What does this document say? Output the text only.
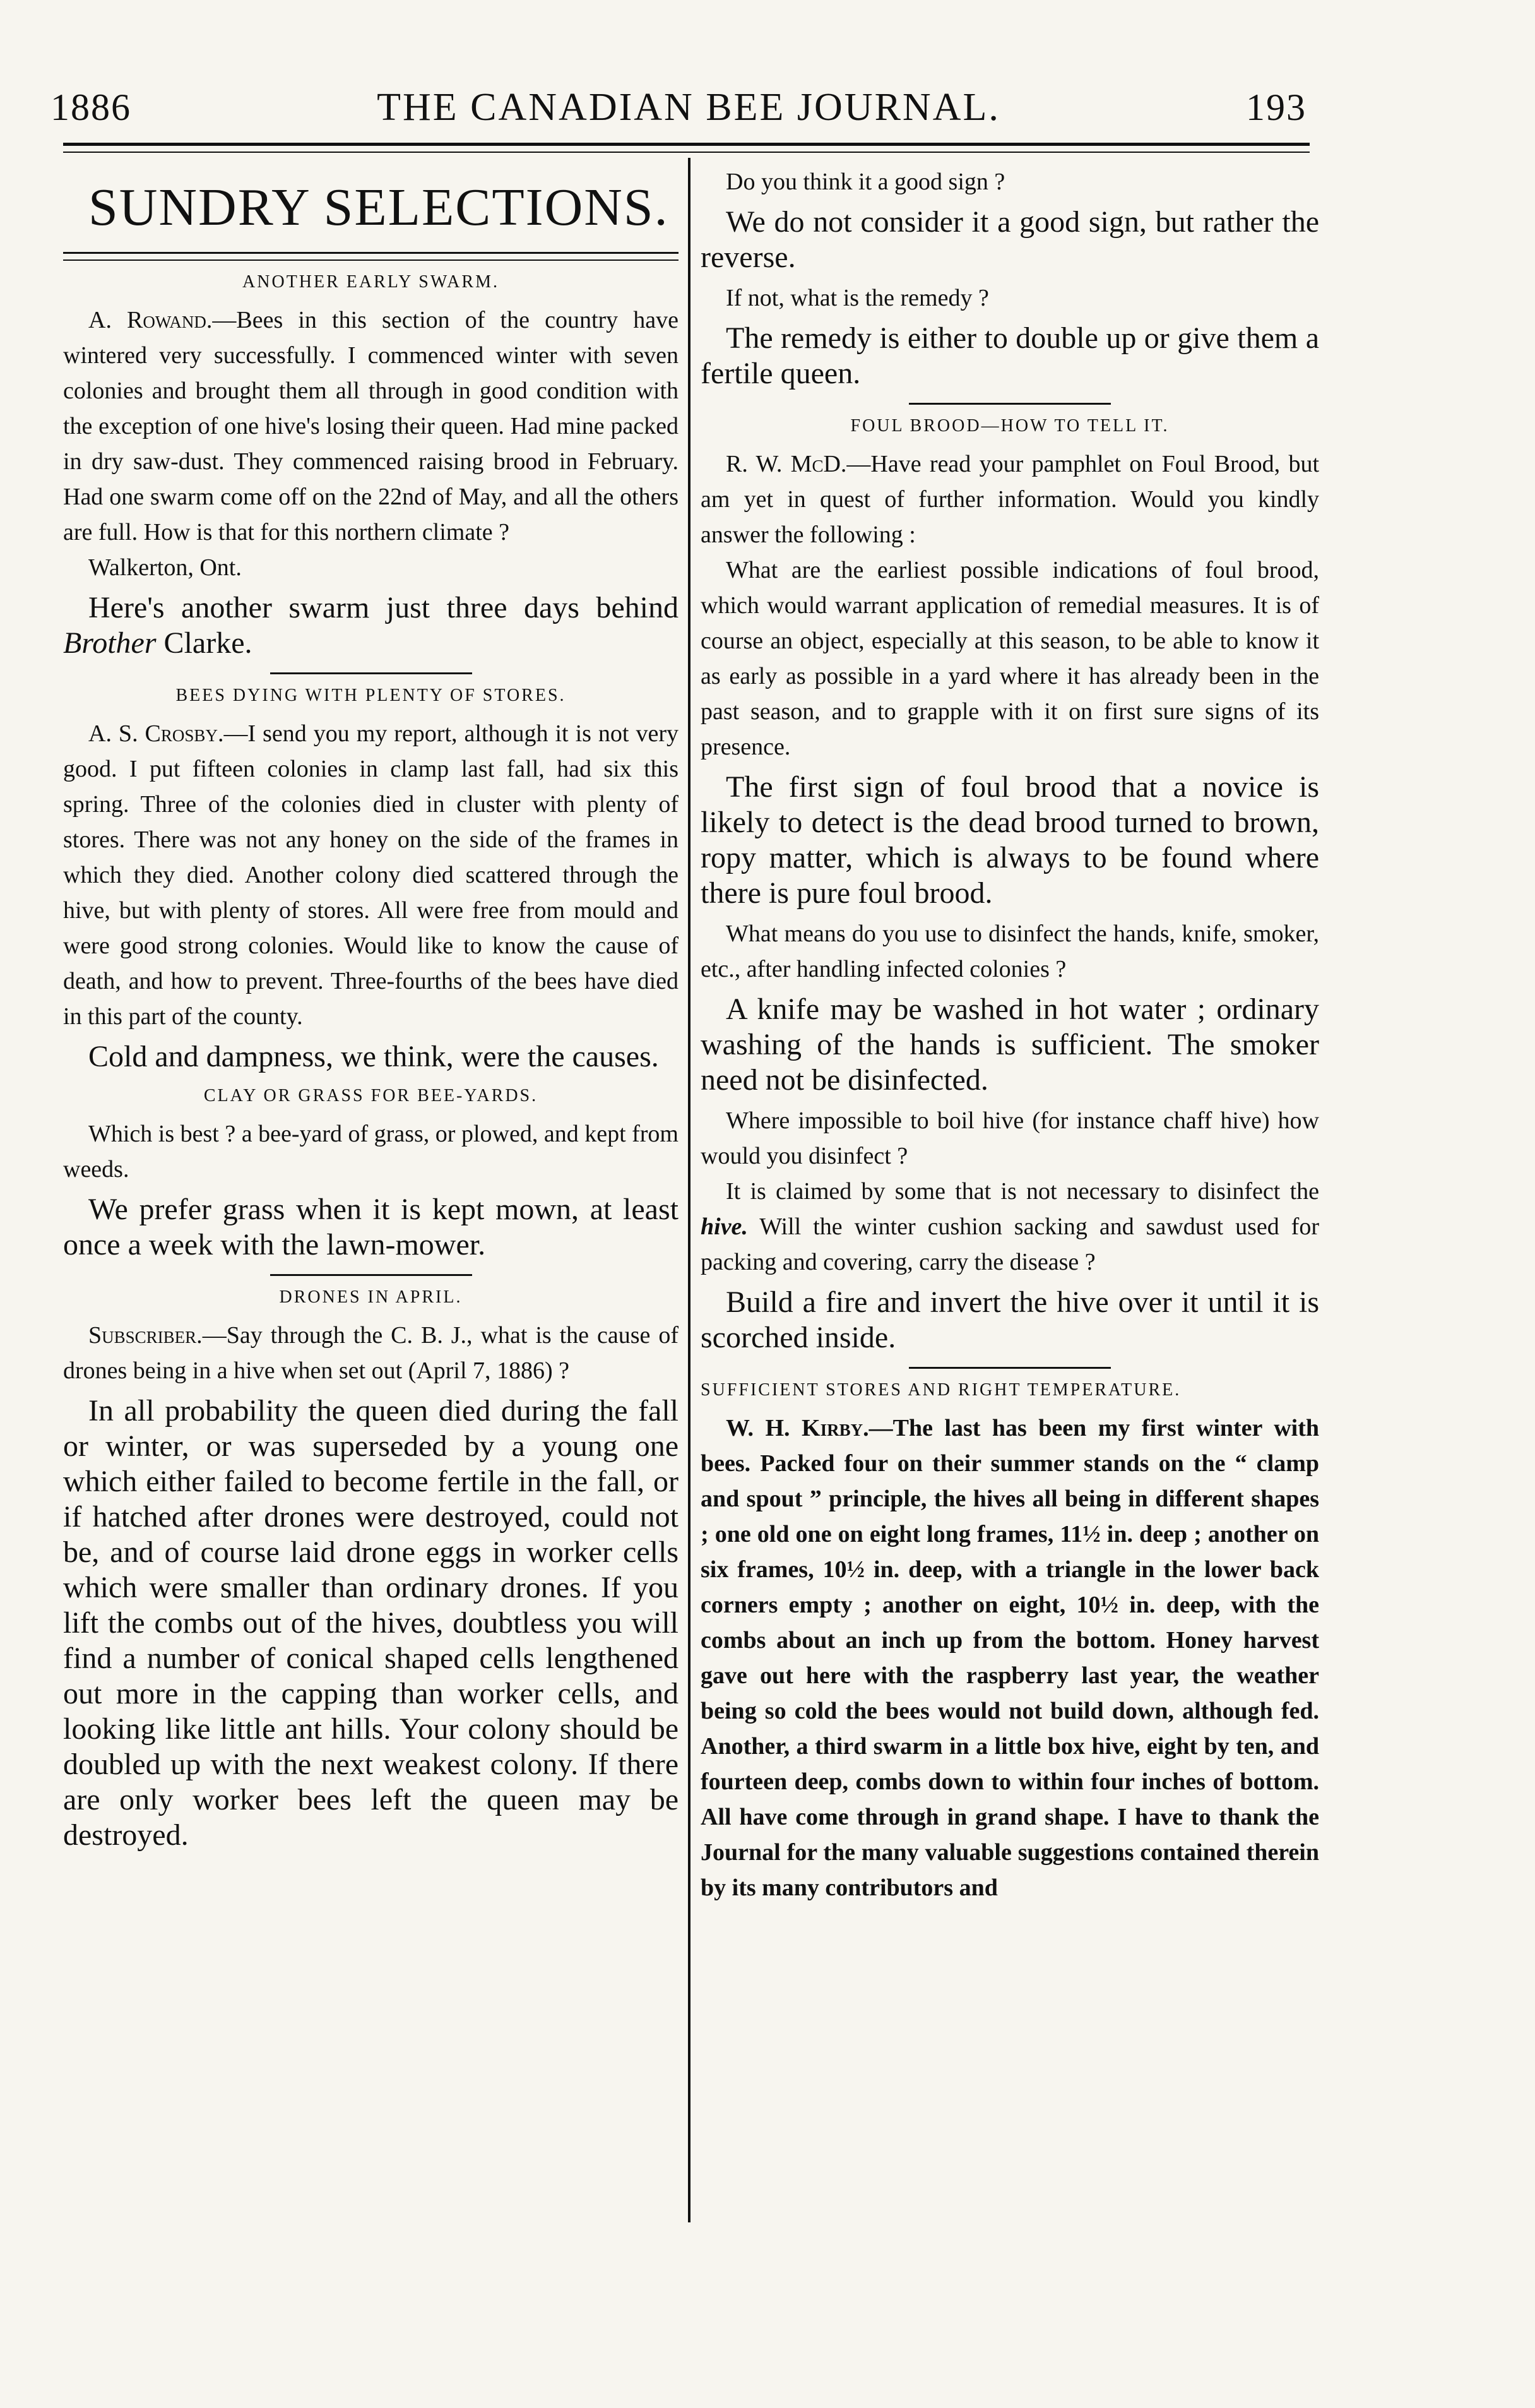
1886	THE CANADIAN BEE JOURNAL.	193
SUNDRY SELECTIONS.
ANOTHER EARLY SWARM.

A. Rowand.—Bees in this section of the country have wintered very successfully. I commenced winter with seven colonies and brought them all through in good condition with the exception of one hive's losing their queen. Had mine packed in dry saw-dust. They commenced raising brood in February. Had one swarm come off on the 22nd of May, and all the others are full. How is that for this northern climate ?

Walkerton, Ont.

Here's another swarm just three days behind Brother Clarke.

BEES DYING WITH PLENTY OF STORES.

A. S. Crosby.—I send you my report, although it is not very good. I put fifteen colonies in clamp last fall, had six this spring. Three of the colonies died in cluster with plenty of stores. There was not any honey on the side of the frames in which they died. Another colony died scattered through the hive, but with plenty of stores. All were free from mould and were good strong colonies. Would like to know the cause of death, and how to prevent. Three-fourths of the bees have died in this part of the county.

Cold and dampness, we think, were the causes.

CLAY OR GRASS FOR BEE-YARDS.

Which is best ? a bee-yard of grass, or plowed, and kept from weeds.

We prefer grass when it is kept mown, at least once a week with the lawn-mower.

DRONES IN APRIL.

Subscriber.—Say through the C. B. J., what is the cause of drones being in a hive when set out (April 7, 1886) ?

In all probability the queen died during the fall or winter, or was superseded by a young one which either failed to become fertile in the fall, or if hatched after drones were destroyed, could not be, and of course laid drone eggs in worker cells which were smaller than ordinary drones. If you lift the combs out of the hives, doubtless you will find a number of conical shaped cells lengthened out more in the capping than worker cells, and looking like little ant hills. Your colony should be doubled up with the next weakest colony. If there are only worker bees left the queen may be destroyed.

Do you think it a good sign ?

We do not consider it a good sign, but rather the reverse.

If not, what is the remedy ?

The remedy is either to double up or give them a fertile queen.

FOUL BROOD—HOW TO TELL IT.

R. W. McD.—Have read your pamphlet on Foul Brood, but am yet in quest of further information. Would you kindly answer the following :

What are the earliest possible indications of foul brood, which would warrant application of remedial measures. It is of course an object, especially at this season, to be able to know it as early as possible in a yard where it has already been in the past season, and to grapple with it on first sure signs of its presence.

The first sign of foul brood that a novice is likely to detect is the dead brood turned to brown, ropy matter, which is always to be found where there is pure foul brood.

What means do you use to disinfect the hands, knife, smoker, etc., after handling infected colonies ?

A knife may be washed in hot water ; ordinary washing of the hands is sufficient. The smoker need not be disinfected.

Where impossible to boil hive (for instance chaff hive) how would you disinfect ?

It is claimed by some that is not necessary to disinfect the hive. Will the winter cushion sacking and sawdust used for packing and covering, carry the disease ?

Build a fire and invert the hive over it until it is scorched inside.

SUFFICIENT STORES AND RIGHT TEMPERATURE.

W. H. Kirby.—The last has been my first winter with bees. Packed four on their summer stands on the “ clamp and spout ” principle, the hives all being in different shapes ; one old one on eight long frames, 11½ in. deep ; another on six frames, 10½ in. deep, with a triangle in the lower back corners empty ; another on eight, 10½ in. deep, with the combs about an inch up from the bottom. Honey harvest gave out here with the raspberry last year, the weather being so cold the bees would not build down, although fed. Another, a third swarm in a little box hive, eight by ten, and fourteen deep, combs down to within four inches of bottom. All have come through in grand shape. I have to thank the Journal for the many valuable suggestions contained therein by its many contributors and
